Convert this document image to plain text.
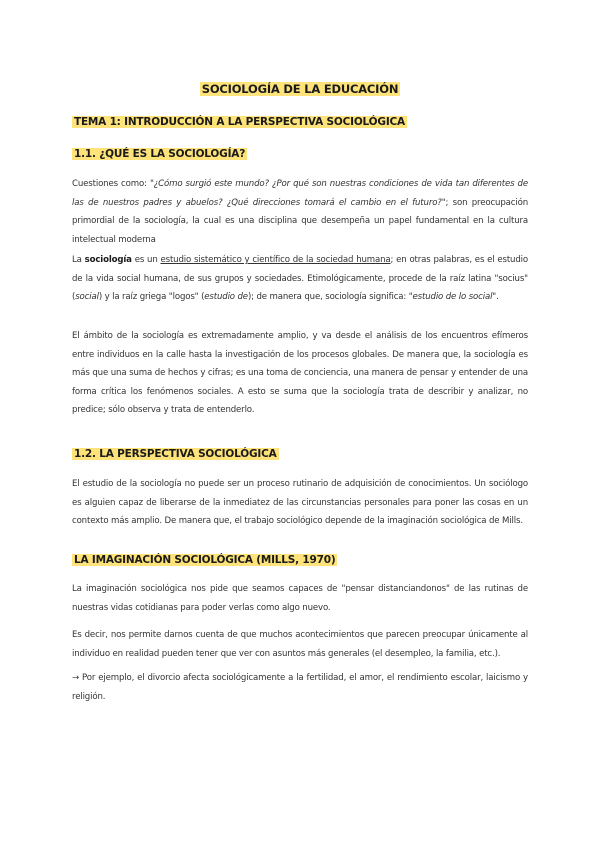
SOCIOLOGÍA DE LA EDUCACIÓN
TEMA 1: INTRODUCCIÓN A LA PERSPECTIVA SOCIOLÓGICA
1.1. ¿QUÉ ES LA SOCIOLOGÍA?
Cuestiones como: "¿Cómo surgió este mundo? ¿Por qué son nuestras condiciones de vida tan diferentes de las de nuestros padres y abuelos? ¿Qué direcciones tomará el cambio en el futuro?"; son preocupación primordial de la sociología, la cual es una disciplina que desempeña un papel fundamental en la cultura intelectual moderna
La sociología es un estudio sistemático y científico de la sociedad humana; en otras palabras, es el estudio de la vida social humana, de sus grupos y sociedades. Etimológicamente, procede de la raíz latina "socius" (social) y la raíz griega "logos" (estudio de); de manera que, sociología significa: "estudio de lo social".
El ámbito de la sociología es extremadamente amplio, y va desde el análisis de los encuentros efímeros entre individuos en la calle hasta la investigación de los procesos globales. De manera que, la sociología es más que una suma de hechos y cifras; es una toma de conciencia, una manera de pensar y entender de una forma crítica los fenómenos sociales. A esto se suma que la sociología trata de describir y analizar, no predice; sólo observa y trata de entenderlo.
1.2. LA PERSPECTIVA SOCIOLÓGICA
El estudio de la sociología no puede ser un proceso rutinario de adquisición de conocimientos. Un sociólogo es alguien capaz de liberarse de la inmediatez de las circunstancias personales para poner las cosas en un contexto más amplio. De manera que, el trabajo sociológico depende de la imaginación sociológica de Mills.
LA IMAGINACIÓN SOCIOLÓGICA (MILLS, 1970)
La imaginación sociológica nos pide que seamos capaces de "pensar distanciandonos" de las rutinas de nuestras vidas cotidianas para poder verlas como algo nuevo.
Es decir, nos permite darnos cuenta de que muchos acontecimientos que parecen preocupar únicamente al individuo en realidad pueden tener que ver con asuntos más generales (el desempleo, la familia, etc.).
→ Por ejemplo, el divorcio afecta sociológicamente a la fertilidad, el amor, el rendimiento escolar, laicismo y religión.
